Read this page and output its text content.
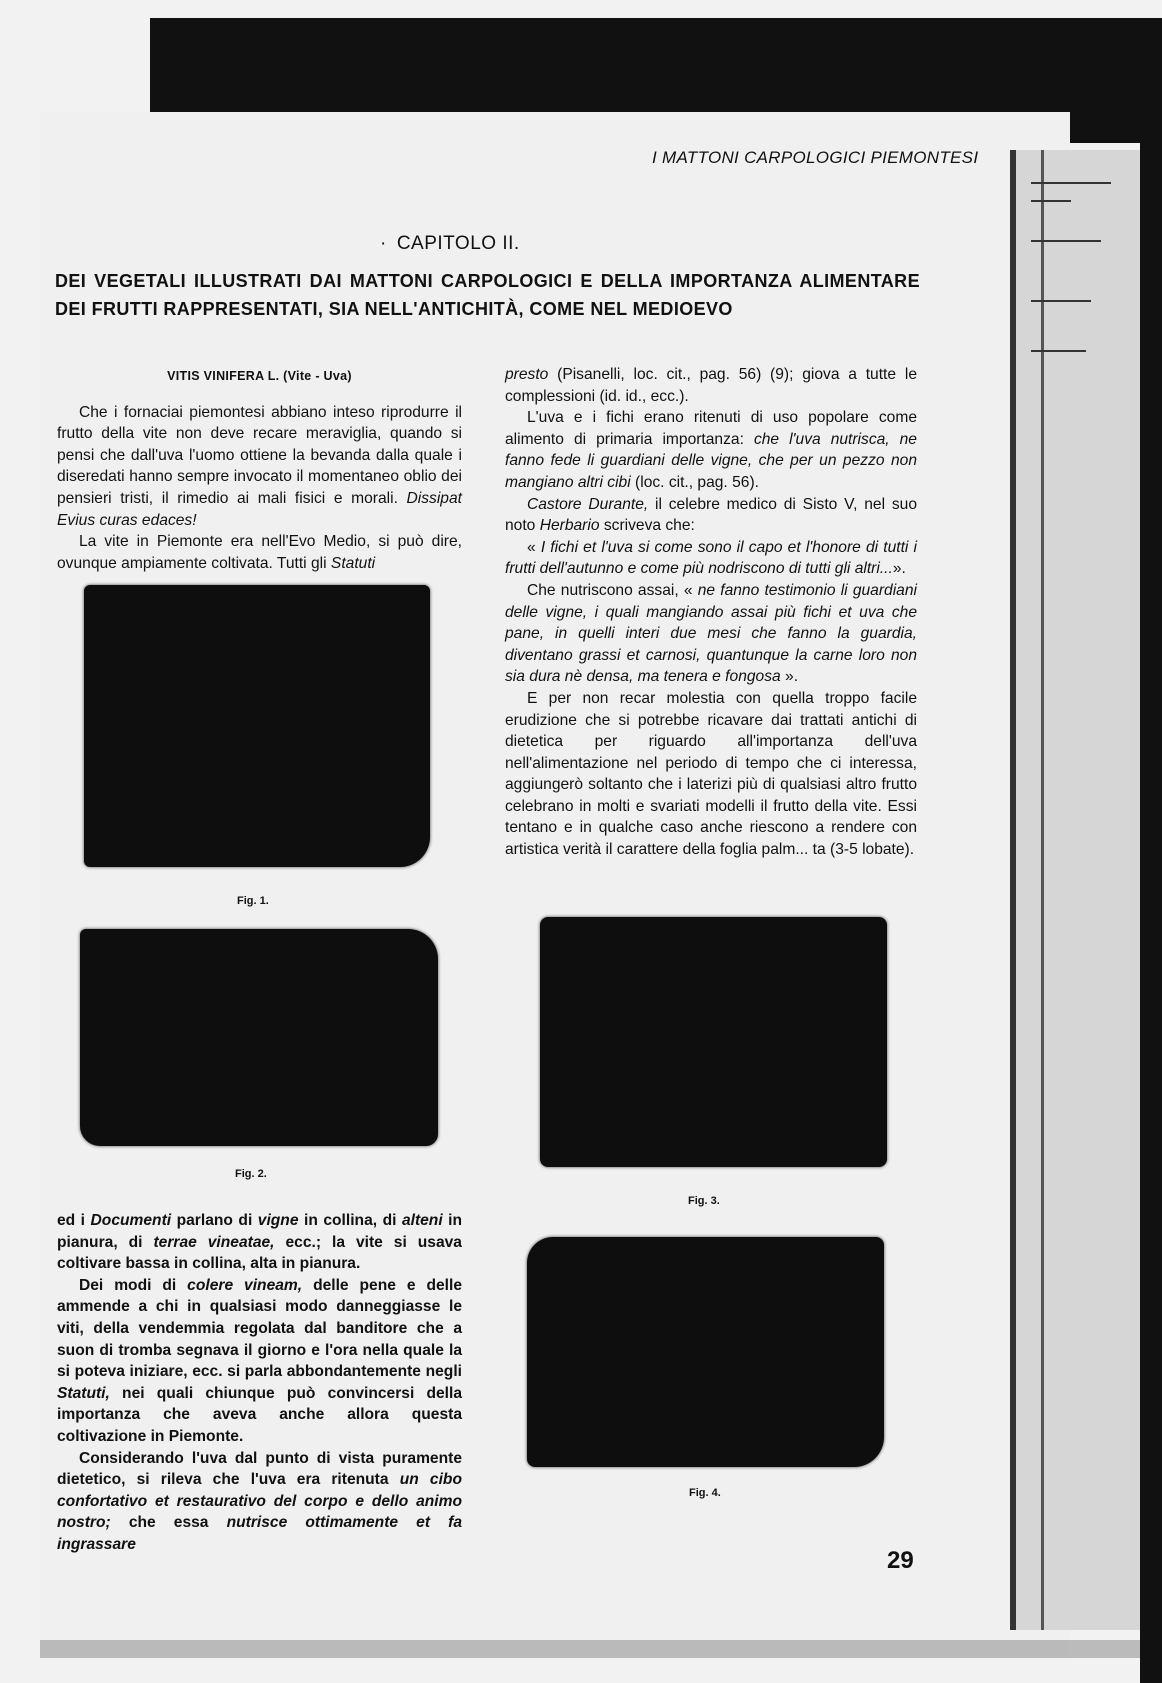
I MATTONI CARPOLOGICI PIEMONTESI
· CAPITOLO II.
DEI VEGETALI ILLUSTRATI DAI MATTONI CARPOLOGICI E DELLA IMPORTANZA ALIMENTARE DEI FRUTTI RAPPRESENTATI, SIA NELL'ANTICHITÀ, COME NEL MEDIOEVO

VITIS VINIFERA L. (Vite - Uva)

Che i fornaciai piemontesi abbiano inteso riprodurre il frutto della vite non deve recare meraviglia, quando si pensi che dall'uva l'uomo ottiene la bevanda dalla quale i diseredati hanno sempre invocato il momentaneo oblio dei pensieri tristi, il rimedio ai mali fisici e morali. Dissipat Evius curas edaces!

La vite in Piemonte era nell'Evo Medio, si può dire, ovunque ampiamente coltivata. Tutti gli Statuti

presto (Pisanelli, loc. cit., pag. 56) (9); giova a tutte le complessioni (id. id., ecc.).

L'uva e i fichi erano ritenuti di uso popolare come alimento di primaria importanza: che l'uva nutrisca, ne fanno fede li guardiani delle vigne, che per un pezzo non mangiano altri cibi (loc. cit., pag. 56).

Castore Durante, il celebre medico di Sisto V, nel suo noto Herbario scriveva che:

« I fichi et l'uva si come sono il capo et l'honore di tutti i frutti dell'autunno e come più nodriscono di tutti gli altri...».

Che nutriscono assai, « ne fanno testimonio li guardiani delle vigne, i quali mangiando assai più fichi et uva che pane, in quelli interi due mesi che fanno la guardia, diventano grassi et carnosi, quantunque la carne loro non sia dura nè densa, ma tenera e fongosa ».

E per non recar molestia con quella troppo facile erudizione che si potrebbe ricavare dai trattati antichi di dietetica per riguardo all'importanza dell'uva nell'alimentazione nel periodo di tempo che ci interessa, aggiungerò soltanto che i laterizi più di qualsiasi altro frutto celebrano in molti e svariati modelli il frutto della vite. Essi tentano e in qualche caso anche riescono a rendere con artistica verità il carattere della foglia palm... ta (3-5 lobate).

Fig. 1.
Fig. 2.
Fig. 3.
Fig. 4.

ed i Documenti parlano di vigne in collina, di alteni in pianura, di terrae vineatae, ecc.; la vite si usava coltivare bassa in collina, alta in pianura.

Dei modi di colere vineam, delle pene e delle ammende a chi in qualsiasi modo danneggiasse le viti, della vendemmia regolata dal banditore che a suon di tromba segnava il giorno e l'ora nella quale la si poteva iniziare, ecc. si parla abbondantemente negli Statuti, nei quali chiunque può convincersi della importanza che aveva anche allora questa coltivazione in Piemonte.

Considerando l'uva dal punto di vista puramente dietetico, si rileva che l'uva era ritenuta un cibo confortativo et restaurativo del corpo e dello animo nostro; che essa nutrisce ottimamente et fa ingrassare

29
